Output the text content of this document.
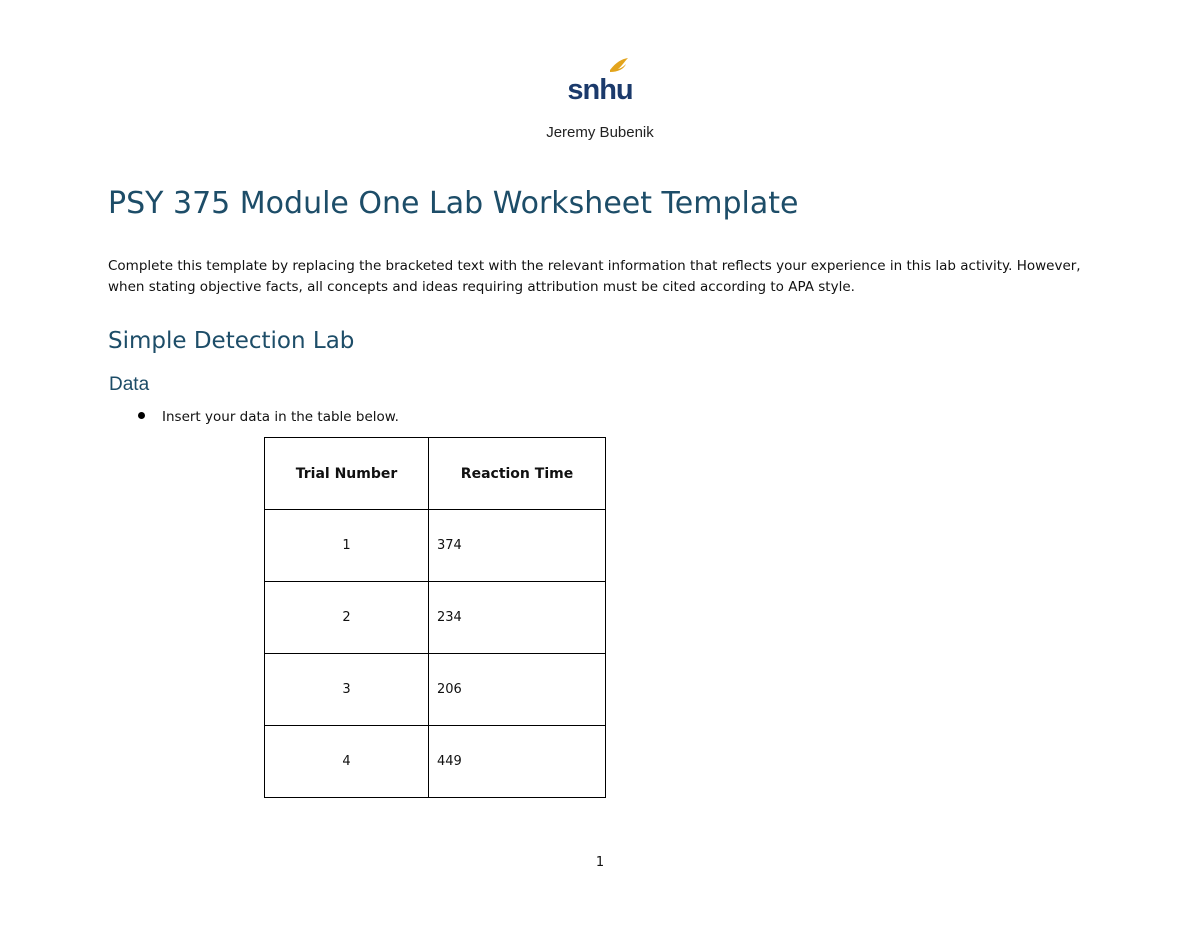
snhu
Jeremy Bubenik
PSY 375 Module One Lab Worksheet Template

Complete this template by replacing the bracketed text with the relevant information that reflects your experience in this lab activity. However, when stating objective facts, all concepts and ideas requiring attribution must be cited according to APA style.

Simple Detection Lab
Data
Insert your data in the table below.
Trial Number	Reaction Time
1	374
2	234
3	206
4	449
1
